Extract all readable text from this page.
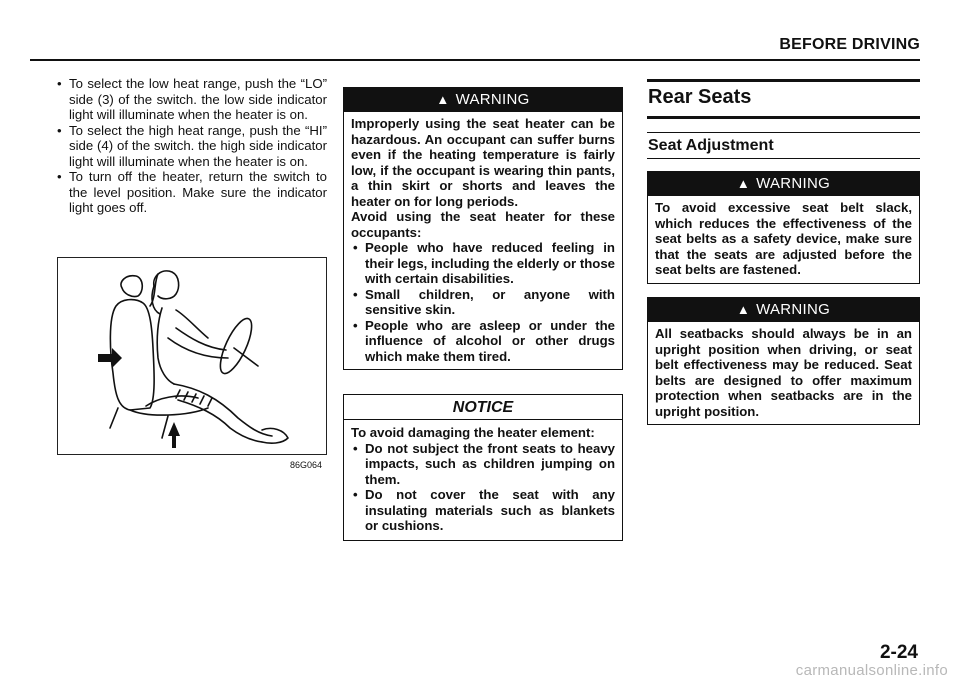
BEFORE DRIVING
• To select the low heat range, push the “LO” side (3) of the switch. the low side indicator light will illuminate when the heater is on.
• To select the high heat range, push the “HI” side (4) of the switch. the high side indicator light will illuminate when the heater is on.
• To turn off the heater, return the switch to the level position. Make sure the indicator light goes off.
86G064
▲ WARNING
Improperly using the seat heater can be hazardous. An occupant can suffer burns even if the heating temperature is fairly low, if the occupant is wearing thin pants, a thin skirt or shorts and leaves the heater on for long periods.
Avoid using the seat heater for these occupants:
• People who have reduced feeling in their legs, including the elderly or those with certain disabilities.
• Small children, or anyone with sensitive skin.
• People who are asleep or under the influence of alcohol or other drugs which make them tired.
NOTICE
To avoid damaging the heater element:
• Do not subject the front seats to heavy impacts, such as children jumping on them.
• Do not cover the seat with any insulating materials such as blankets or cushions.
Rear Seats
Seat Adjustment
▲ WARNING
To avoid excessive seat belt slack, which reduces the effectiveness of the seat belts as a safety device, make sure that the seats are adjusted before the seat belts are fastened.
▲ WARNING
All seatbacks should always be in an upright position when driving, or seat belt effectiveness may be reduced. Seat belts are designed to offer maximum protection when seatbacks are in the upright position.
2-24
carmanualsonline.info
